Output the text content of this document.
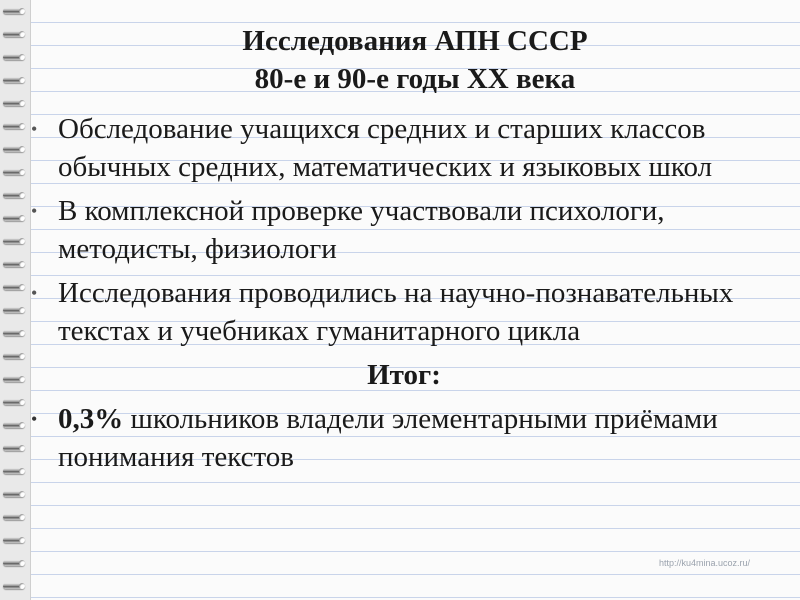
Исследования АПН СССР
80-е и 90-е годы ХХ века
• Обследование учащихся средних и старших классов обычных средних, математических и языковых школ
• В комплексной проверке участвовали психологи, методисты, физиологи
• Исследования проводились на научно-познавательных текстах и учебниках гуманитарного цикла
Итог:
• 0,3% школьников владели элементарными приёмами понимания текстов
http://ku4mina.ucoz.ru/
